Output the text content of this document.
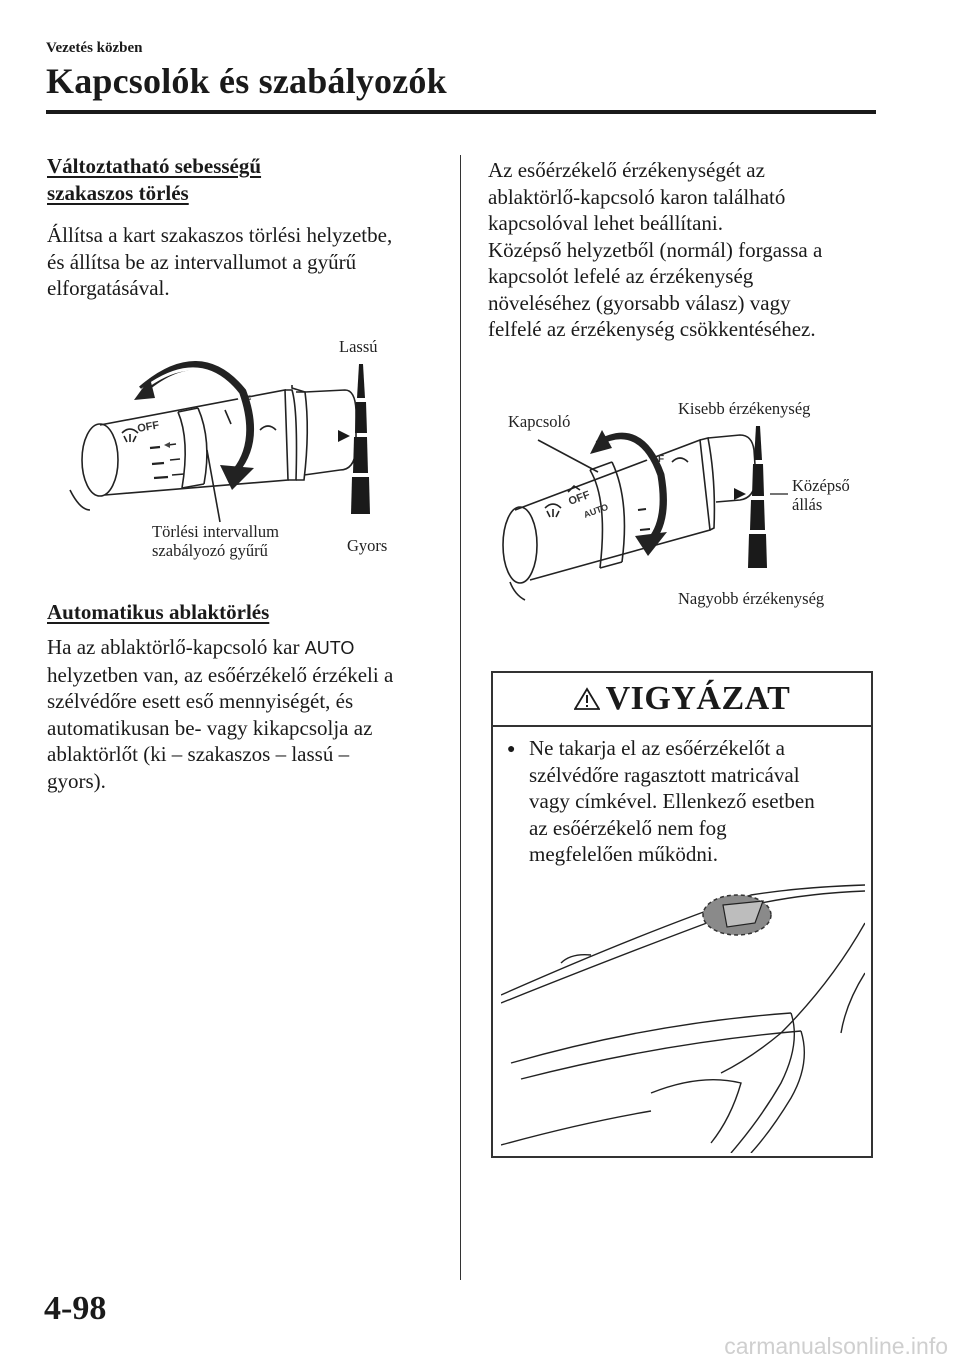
Vezetés közben
Kapcsolók és szabályozók
Változtatható sebességű
szakaszos törlés
Állítsa a kart szakaszos törlési helyzetbe,
és állítsa be az intervallumot a gyűrű
elforgatásával.
OFF
FF
Lassú
Gyors
Törlési intervallum
szabályozó gyűrű
Automatikus ablaktörlés
Ha az ablaktörlő-kapcsoló kar AUTO
helyzetben van, az esőérzékelő érzékeli a
szélvédőre esett eső mennyiségét, és
automatikusan be- vagy kikapcsolja az
ablaktörlőt (ki – szakaszos – lassú –
gyors).
Az esőérzékelő érzékenységét az
ablaktörlő-kapcsoló karon található
kapcsolóval lehet beállítani.
Középső helyzetből (normál) forgassa a
kapcsolót lefelé az érzékenység
növeléséhez (gyorsabb válasz) vagy
felfelé az érzékenység csökkentéséhez.
OFF
AUTO
F
Kapcsoló
Kisebb érzékenység
Középső
állás
Nagyobb érzékenység
VIGYÁZAT
● Ne takarja el az esőérzékelőt a
szélvédőre ragasztott matricával
vagy címkével. Ellenkező esetben
az esőérzékelő nem fog
megfelelően működni.
4-98
carmanualsonline.info
